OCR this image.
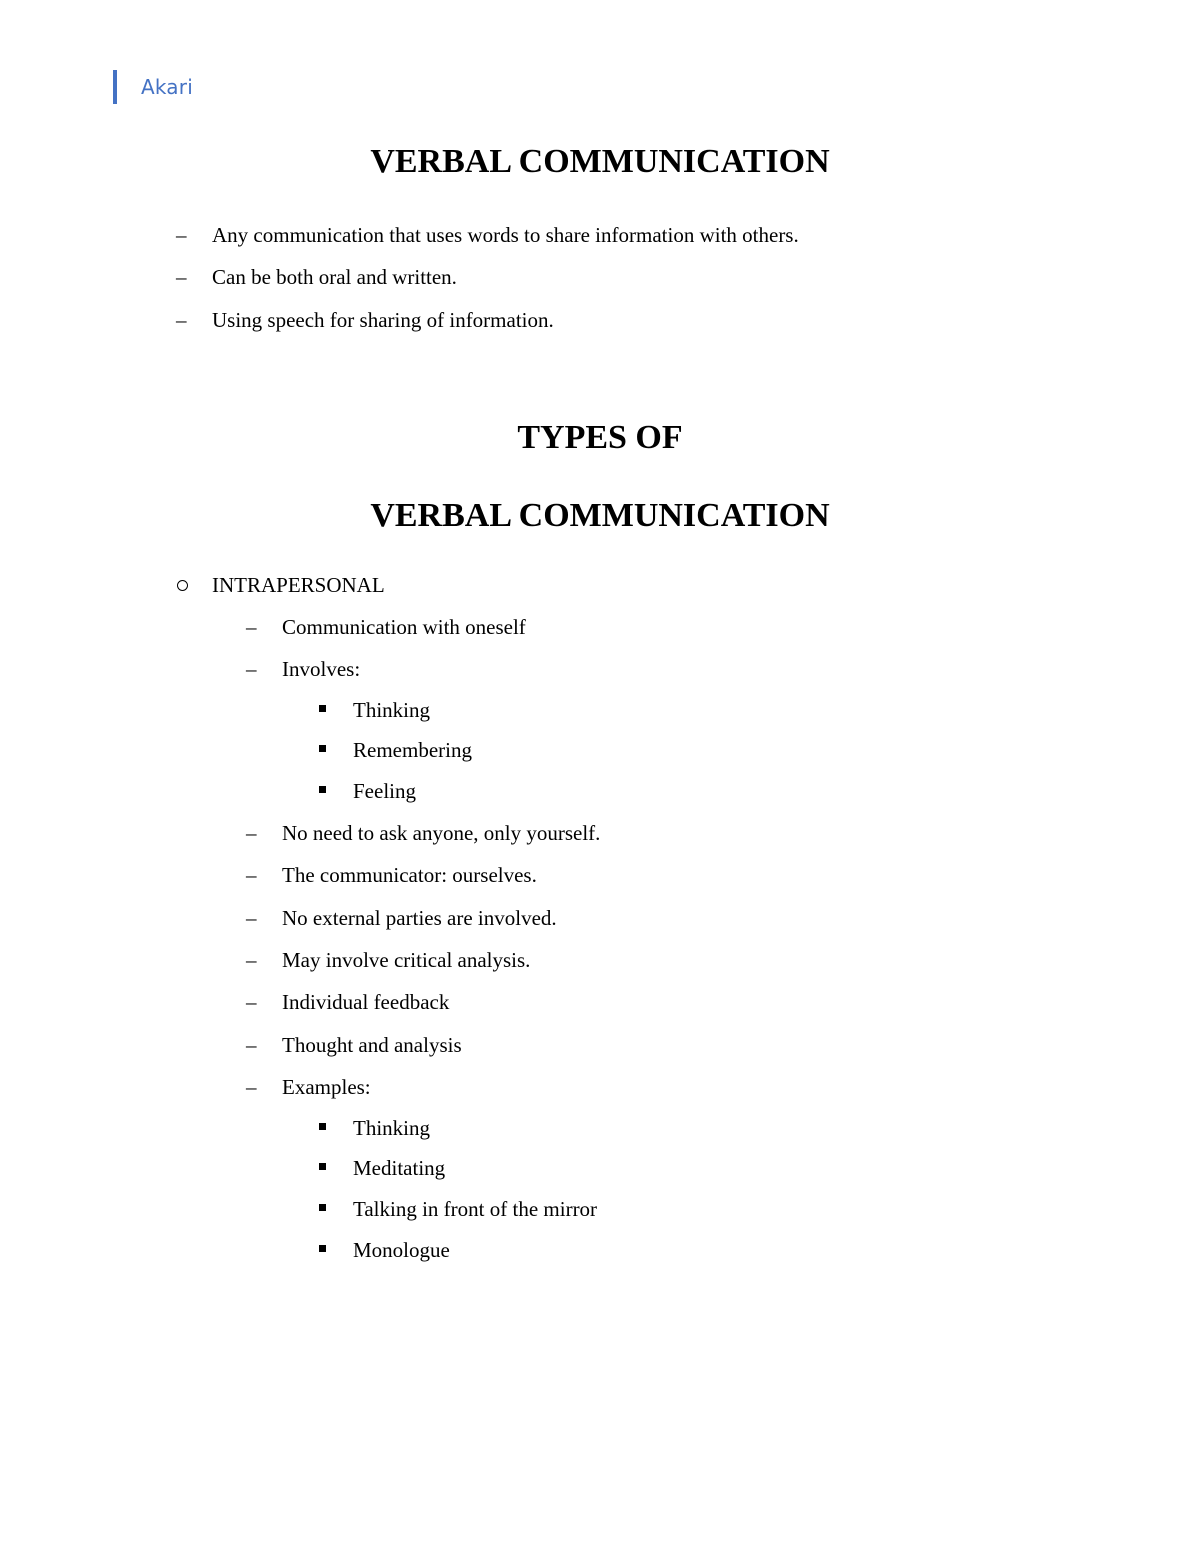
Akari
VERBAL COMMUNICATION
– Any communication that uses words to share information with others.
– Can be both oral and written.
– Using speech for sharing of information.
TYPES OF
VERBAL COMMUNICATION
INTRAPERSONAL
– Communication with oneself
– Involves:
Thinking
Remembering
Feeling
– No need to ask anyone, only yourself.
– The communicator: ourselves.
– No external parties are involved.
– May involve critical analysis.
– Individual feedback
– Thought and analysis
– Examples:
Thinking
Meditating
Talking in front of the mirror
Monologue
